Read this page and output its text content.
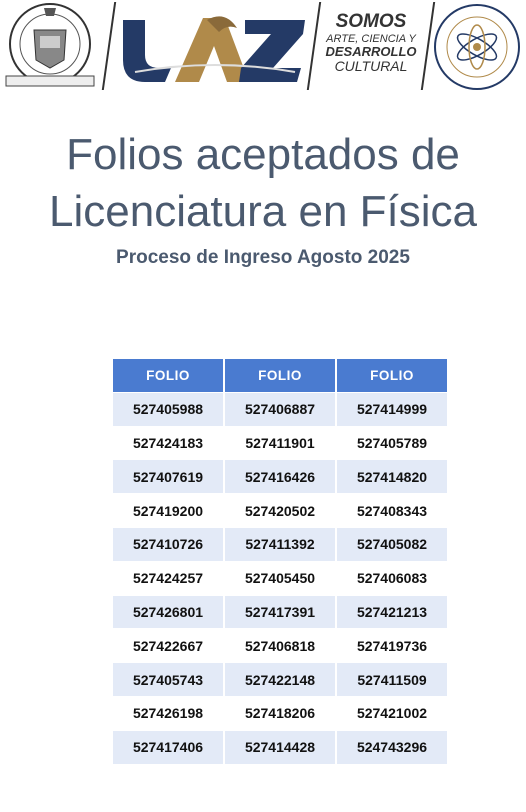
SOMOS
ARTE, CIENCIA Y
DESARROLLO
CULTURAL
Folios aceptados de
Licenciatura en Física
Proceso de Ingreso Agosto 2025
FOLIO	FOLIO	FOLIO
527405988	527406887	527414999
527424183	527411901	527405789
527407619	527416426	527414820
527419200	527420502	527408343
527410726	527411392	527405082
527424257	527405450	527406083
527426801	527417391	527421213
527422667	527406818	527419736
527405743	527422148	527411509
527426198	527418206	527421002
527417406	527414428	524743296
